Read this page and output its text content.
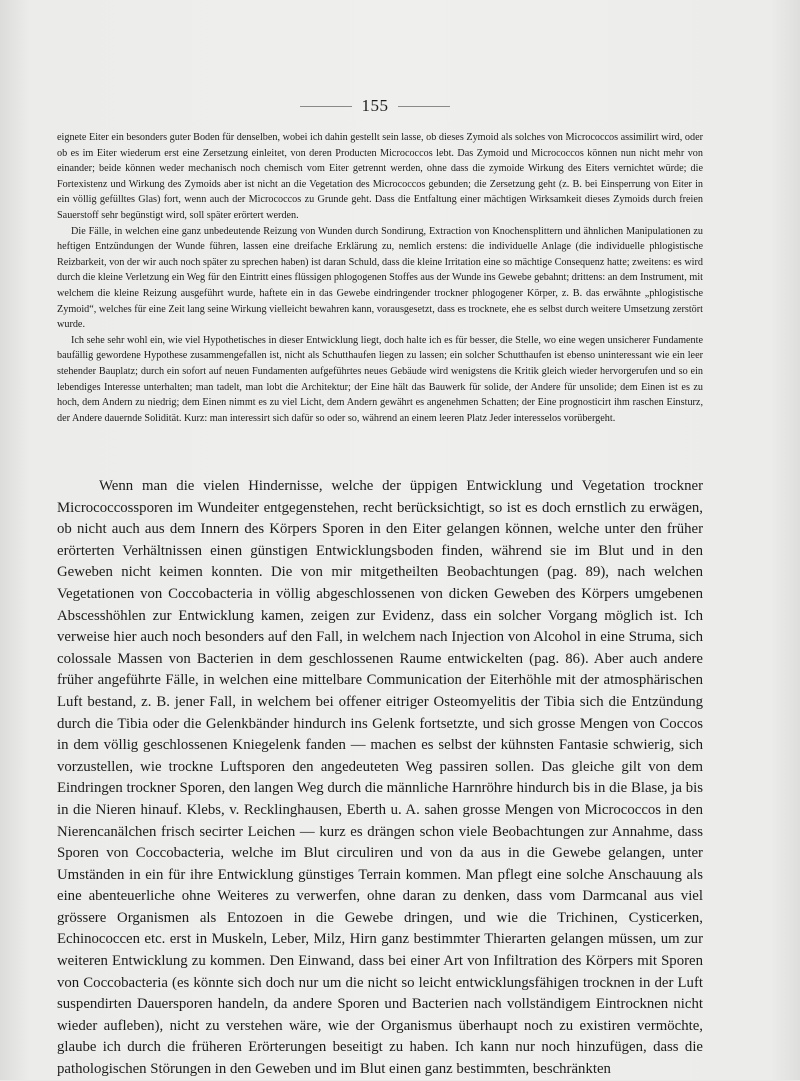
155

eignete Eiter ein besonders guter Boden für denselben, wobei ich dahin gestellt sein lasse, ob dieses Zymoid als solches von Micrococcos assimilirt wird, oder ob es im Eiter wiederum erst eine Zersetzung einleitet, von deren Producten Micrococcos lebt. Das Zymoid und Micrococcos können nun nicht mehr von einander; beide können weder mechanisch noch chemisch vom Eiter getrennt werden, ohne dass die zymoide Wirkung des Eiters vernichtet würde; die Fortexistenz und Wirkung des Zymoids aber ist nicht an die Vegetation des Micrococcos gebunden; die Zersetzung geht (z. B. bei Einsperrung von Eiter in ein völlig gefülltes Glas) fort, wenn auch der Micrococcos zu Grunde geht. Dass die Entfaltung einer mächtigen Wirksamkeit dieses Zymoids durch freien Sauerstoff sehr begünstigt wird, soll später erörtert werden.

Die Fälle, in welchen eine ganz unbedeutende Reizung von Wunden durch Sondirung, Extraction von Knochensplittern und ähnlichen Manipulationen zu heftigen Entzündungen der Wunde führen, lassen eine dreifache Erklärung zu, nemlich erstens: die individuelle Anlage (die individuelle phlogistische Reizbarkeit, von der wir auch noch später zu sprechen haben) ist daran Schuld, dass die kleine Irritation eine so mächtige Consequenz hatte; zweitens: es wird durch die kleine Verletzung ein Weg für den Eintritt eines flüssigen phlogogenen Stoffes aus der Wunde ins Gewebe gebahnt; drittens: an dem Instrument, mit welchem die kleine Reizung ausgeführt wurde, haftete ein in das Gewebe eindringender trockner phlogogener Körper, z. B. das erwähnte „phlogistische Zymoid“, welches für eine Zeit lang seine Wirkung vielleicht bewahren kann, vorausgesetzt, dass es trocknete, ehe es selbst durch weitere Umsetzung zerstört wurde.

Ich sehe sehr wohl ein, wie viel Hypothetisches in dieser Entwicklung liegt, doch halte ich es für besser, die Stelle, wo eine wegen unsicherer Fundamente baufällig gewordene Hypothese zusammengefallen ist, nicht als Schutthaufen liegen zu lassen; ein solcher Schutthaufen ist ebenso uninteressant wie ein leer stehender Bauplatz; durch ein sofort auf neuen Fundamenten aufgeführtes neues Gebäude wird wenigstens die Kritik gleich wieder hervorgerufen und so ein lebendiges Interesse unterhalten; man tadelt, man lobt die Architektur; der Eine hält das Bauwerk für solide, der Andere für unsolide; dem Einen ist es zu hoch, dem Andern zu niedrig; dem Einen nimmt es zu viel Licht, dem Andern gewährt es angenehmen Schatten; der Eine prognosticirt ihm raschen Einsturz, der Andere dauernde Solidität. Kurz: man interessirt sich dafür so oder so, während an einem leeren Platz Jeder interesselos vorübergeht.

Wenn man die vielen Hindernisse, welche der üppigen Entwicklung und Vegetation trockner Micrococcossporen im Wundeiter entgegenstehen, recht berücksichtigt, so ist es doch ernstlich zu erwägen, ob nicht auch aus dem Innern des Körpers Sporen in den Eiter gelangen können, welche unter den früher erörterten Verhältnissen einen günstigen Entwicklungsboden finden, während sie im Blut und in den Geweben nicht keimen konnten. Die von mir mitgetheilten Beobachtungen (pag. 89), nach welchen Vegetationen von Coccobacteria in völlig abgeschlossenen von dicken Geweben des Körpers umgebenen Abscesshöhlen zur Entwicklung kamen, zeigen zur Evidenz, dass ein solcher Vorgang möglich ist. Ich verweise hier auch noch besonders auf den Fall, in welchem nach Injection von Alcohol in eine Struma, sich colossale Massen von Bacterien in dem geschlossenen Raume entwickelten (pag. 86). Aber auch andere früher angeführte Fälle, in welchen eine mittelbare Communication der Eiterhöhle mit der atmosphärischen Luft bestand, z. B. jener Fall, in welchem bei offener eitriger Osteomyelitis der Tibia sich die Entzündung durch die Tibia oder die Gelenkbänder hindurch ins Gelenk fortsetzte, und sich grosse Mengen von Coccos in dem völlig geschlossenen Kniegelenk fanden — machen es selbst der kühnsten Fantasie schwierig, sich vorzustellen, wie trockne Luftsporen den angedeuteten Weg passiren sollen. Das gleiche gilt von dem Eindringen trockner Sporen, den langen Weg durch die männliche Harnröhre hindurch bis in die Blase, ja bis in die Nieren hinauf. Klebs, v. Recklinghausen, Eberth u. A. sahen grosse Mengen von Micrococcos in den Nierencanälchen frisch secirter Leichen — kurz es drängen schon viele Beobachtungen zur Annahme, dass Sporen von Coccobacteria, welche im Blut circuliren und von da aus in die Gewebe gelangen, unter Umständen in ein für ihre Entwicklung günstiges Terrain kommen. Man pflegt eine solche Anschauung als eine abenteuerliche ohne Weiteres zu verwerfen, ohne daran zu denken, dass vom Darmcanal aus viel grössere Organismen als Entozoen in die Gewebe dringen, und wie die Trichinen, Cysticerken, Echinococcen etc. erst in Muskeln, Leber, Milz, Hirn ganz bestimmter Thierarten gelangen müssen, um zur weiteren Entwicklung zu kommen. Den Einwand, dass bei einer Art von Infiltration des Körpers mit Sporen von Coccobacteria (es könnte sich doch nur um die nicht so leicht entwicklungsfähigen trocknen in der Luft suspendirten Dauersporen handeln, da andere Sporen und Bacterien nach vollständigem Eintrocknen nicht wieder aufleben), nicht zu verstehen wäre, wie der Organismus überhaupt noch zu existiren vermöchte, glaube ich durch die früheren Erörterungen beseitigt zu haben. Ich kann nur noch hinzufügen, dass die pathologischen Störungen in den Geweben und im Blut einen ganz bestimmten, beschränkten
